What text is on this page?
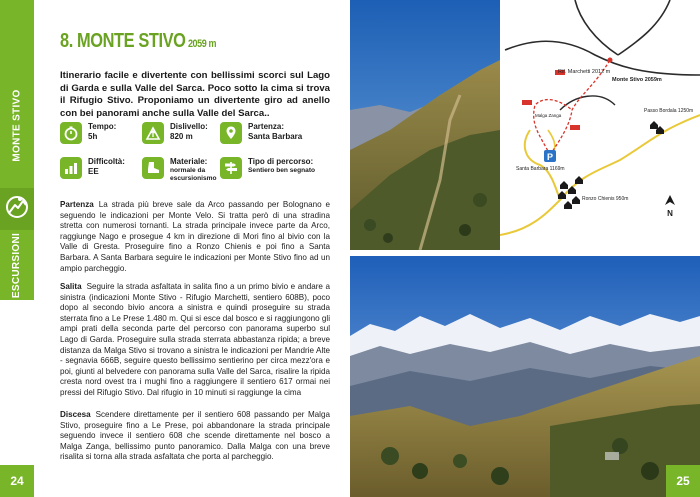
MONTE STIVO
ESCURSIONI
24
8. MONTE STIVO 2059 m
Itinerario facile e divertente con bellissimi scorci sul Lago di Garda e sulla Valle del Sarca. Poco sotto la cima si trova il Rifugio Stivo. Proponiamo un divertente giro ad anello con bei panorami anche sulla Valle del Sarca..
Tempo:
5h
Dislivello:
820 m
Partenza:
Santa Barbara
Difficoltà:
EE
Materiale:
normale da escursionismo
Tipo di percorso:
Sentiero ben segnato
Partenza La strada più breve sale da Arco passando per Bolognano e seguendo le indicazioni per Monte Velo. Si tratta però di una stradina stretta con numerosi tornanti. La strada principale invece parte da Arco, raggiunge Nago e prosegue 4 km in direzione di Mori fino al bivio con la Valle di Gresta. Proseguire fino a Ronzo Chienis e poi fino a Santa Barbara. A Santa Barbara seguire le indicazioni per Monte Stivo fino ad un ampio parcheggio.
Salita Seguire la strada asfaltata in salita fino a un primo bivio e andare a sinistra (indicazioni Monte Stivo - Rifugio Marchetti, sentiero 608B), poco dopo al secondo bivio ancora a sinistra e quindi proseguire su strada sterrata fino a Le Prese 1.480 m. Qui si esce dal bosco e si raggiungono gli ampi prati della seconda parte del percorso con panorama superbo sul Lago di Garda. Proseguire sulla strada sterrata abbastanza ripida; a breve distanza da Malga Stivo si trovano a sinistra le indicazioni per Mandrie Alte - segnavia 666B, seguire questo bellissimo sentierino per circa mezz'ora e poi, giunti al belvedere con panorama sulla Valle del Sarca, risalire la ripida cresta nord ovest tra i mughi fino a raggiungere il sentiero 617 ormai nei pressi del Rifugio Stivo. Dal rifugio in 10 minuti si raggiunge la cima
Discesa Scendere direttamente per il sentiero 608 passando per Malga Stivo, proseguire fino a Le Prese, poi abbandonare la strada principale seguendo invece il sentiero 608 che scende direttamente nel bosco a Malga Zanga, bellissimo punto panoramico. Dalla Malga con una breve risalita si torna alla strada asfaltata che porta al parcheggio.
P
N
Rif. Marchetti 2012 m
Monte Stivo 2059m
Malga Zanga
Passo Bordala 1250m
Santa Barbara 1169m
Ronzo Chienis 950m
25
